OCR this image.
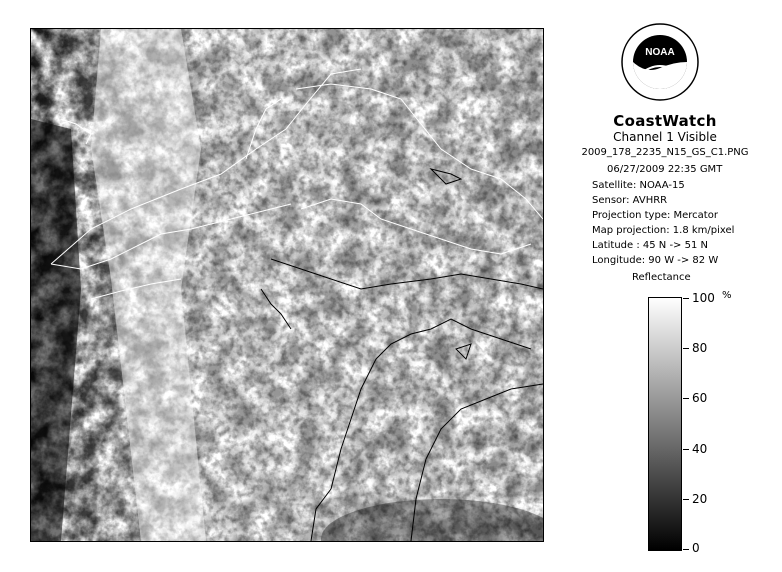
NOAA
CoastWatch
Channel 1 Visible
2009_178_2235_N15_GS_C1.PNG
06/27/2009 22:35 GMT
Satellite: NOAA-15
Sensor: AVHRR
Projection type: Mercator
Map projection: 1.8 km/pixel
Latitude : 45 N -> 51 N
Longitude: 90 W -> 82 W
Reflectance
%
100
80
60
40
20
0
